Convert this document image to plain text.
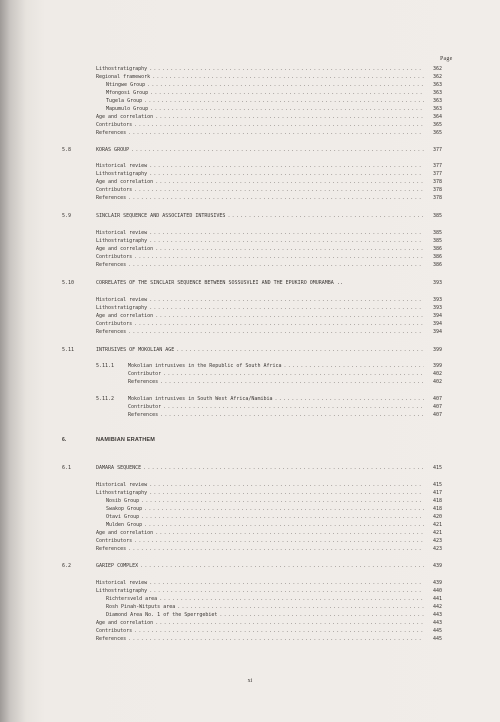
Page
Lithostratigraphy .....	362
Regional framework .....	362
Ntingwe Group .....	363
Mfongosi Group .....	363
Tugela Group .....	363
Mapumulo Group .....	363
Age and correlation .....	364
Contributors .....	365
References .....	365
5.8	KORAS GROUP .....	377
Historical review .....	377
Lithostratigraphy .....	377
Age and correlation .....	378
Contributors .....	378
References .....	378
5.9	SINCLAIR SEQUENCE AND ASSOCIATED INTRUSIVES .....	385
Historical review .....	385
Lithostratigraphy .....	385
Age and correlation .....	386
Contributors .....	386
References .....	386
5.10	CORRELATES OF THE SINCLAIR SEQUENCE BETWEEN SOSSUSVLEI AND THE EPUKIRO OMURAMBA ..	393
Historical review .....	393
Lithostratigraphy .....	393
Age and correlation .....	394
Contributors .....	394
References .....	394
5.11	INTRUSIVES OF MOKOLIAN AGE .....	399
5.11.1	Mokolian intrusives in the Republic of South Africa .....	399
Contributor .....	402
References .....	402
5.11.2	Mokolian intrusives in South West Africa/Namibia .....	407
Contributor .....	407
References .....	407
6.	NAMIBIAN ERATHEM
6.1	DAMARA SEQUENCE .....	415
Historical review .....	415
Lithostratigraphy .....	417
Nosib Group .....	418
Swakop Group .....	418
Otavi Group .....	420
Mulden Group .....	421
Age and correlation .....	421
Contributors .....	423
References .....	423
6.2	GARIEP COMPLEX .....	439
Historical review .....	439
Lithostratigraphy .....	440
Richtersveld area .....	441
Rosh Pinah-Witputs area .....	442
Diamond Area No. 1 of the Sperrgebiet .....	443
Age and correlation .....	443
Contributors .....	445
References .....	445
xi
